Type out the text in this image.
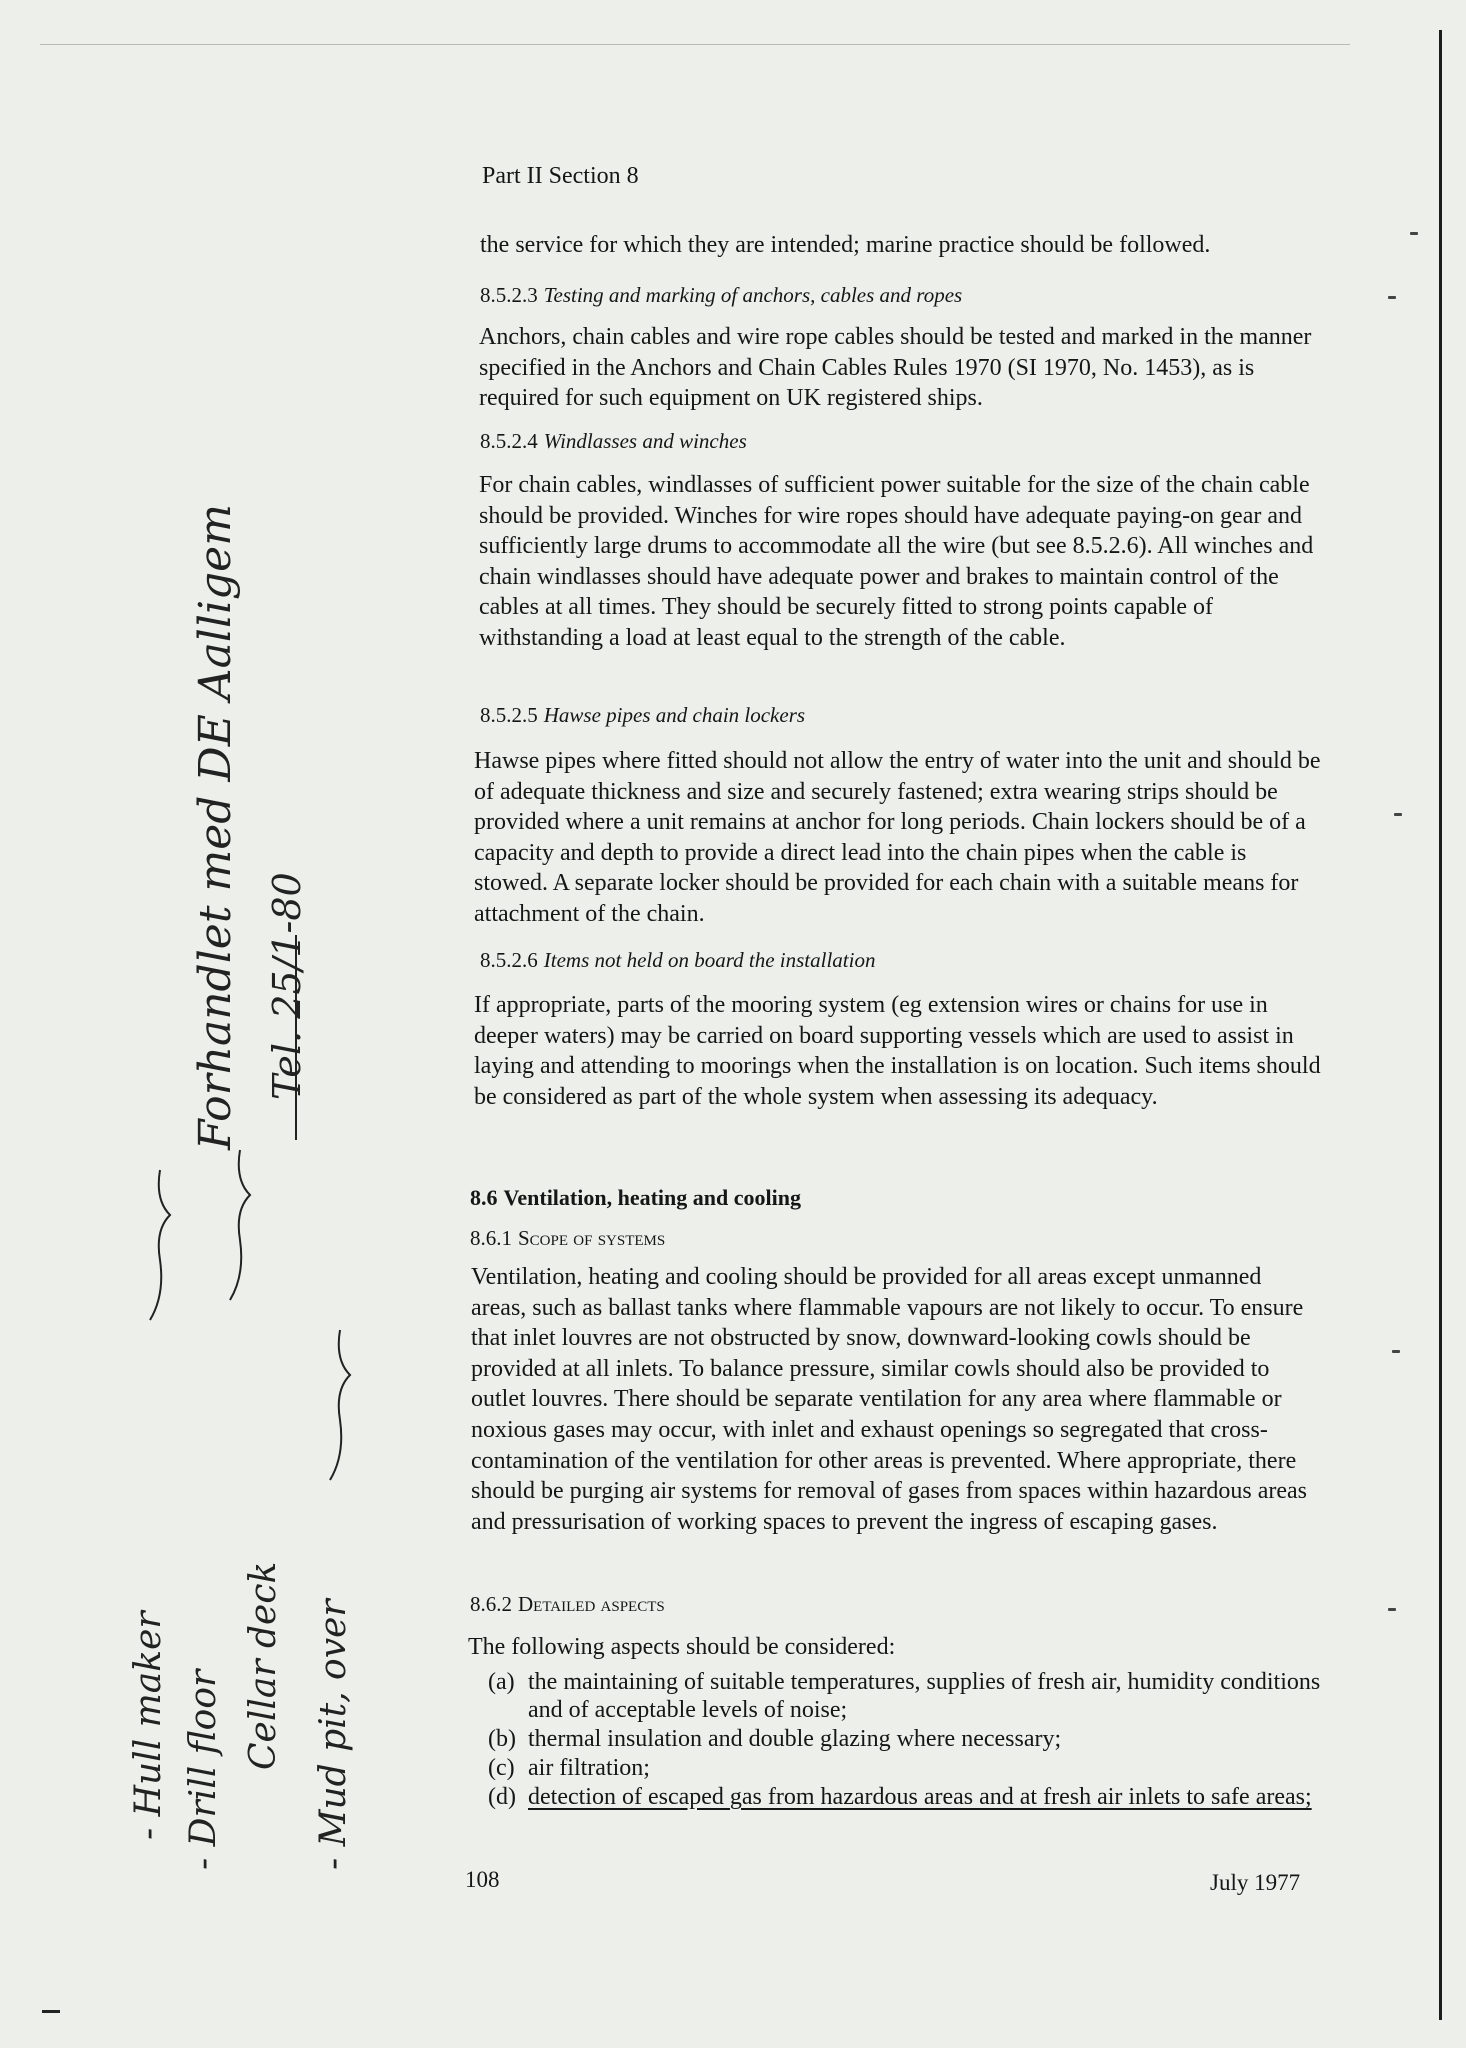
Part II Section 8

the service for which they are intended; marine practice should be followed.

8.5.2.3 Testing and marking of anchors, cables and ropes

Anchors, chain cables and wire rope cables should be tested and marked in the manner specified in the Anchors and Chain Cables Rules 1970 (SI 1970, No. 1453), as is required for such equipment on UK registered ships.

8.5.2.4 Windlasses and winches

For chain cables, windlasses of sufficient power suitable for the size of the chain cable should be provided. Winches for wire ropes should have adequate paying-on gear and sufficiently large drums to accommodate all the wire (but see 8.5.2.6). All winches and chain windlasses should have adequate power and brakes to maintain control of the cables at all times. They should be securely fitted to strong points capable of withstanding a load at least equal to the strength of the cable.

8.5.2.5 Hawse pipes and chain lockers

Hawse pipes where fitted should not allow the entry of water into the unit and should be of adequate thickness and size and securely fastened; extra wearing strips should be provided where a unit remains at anchor for long periods. Chain lockers should be of a capacity and depth to provide a direct lead into the chain pipes when the cable is stowed. A separate locker should be provided for each chain with a suitable means for attachment of the chain.

8.5.2.6 Items not held on board the installation

If appropriate, parts of the mooring system (eg extension wires or chains for use in deeper waters) may be carried on board supporting vessels which are used to assist in laying and attending to moorings when the installation is on location. Such items should be considered as part of the whole system when assessing its adequacy.

8.6 Ventilation, heating and cooling

8.6.1 Scope of systems

Ventilation, heating and cooling should be provided for all areas except unmanned areas, such as ballast tanks where flammable vapours are not likely to occur. To ensure that inlet louvres are not obstructed by snow, downward-looking cowls should be provided at all inlets. To balance pressure, similar cowls should also be provided to outlet louvres. There should be separate ventilation for any area where flammable or noxious gases may occur, with inlet and exhaust openings so segregated that cross-contamination of the ventilation for other areas is prevented. Where appropriate, there should be purging air systems for removal of gases from spaces within hazardous areas and pressurisation of working spaces to prevent the ingress of escaping gases.

8.6.2 Detailed aspects

The following aspects should be considered:

(a) the maintaining of suitable temperatures, supplies of fresh air, humidity conditions and of acceptable levels of noise;
(b) thermal insulation and double glazing where necessary;
(c) air filtration;
(d) detection of escaped gas from hazardous areas and at fresh air inlets to safe areas;

108	July 1977

Forhandlet med DE Aalligem Tel. 25/1-80
- Hull maker - Drill floor Cellar deck - Mud pit, over
